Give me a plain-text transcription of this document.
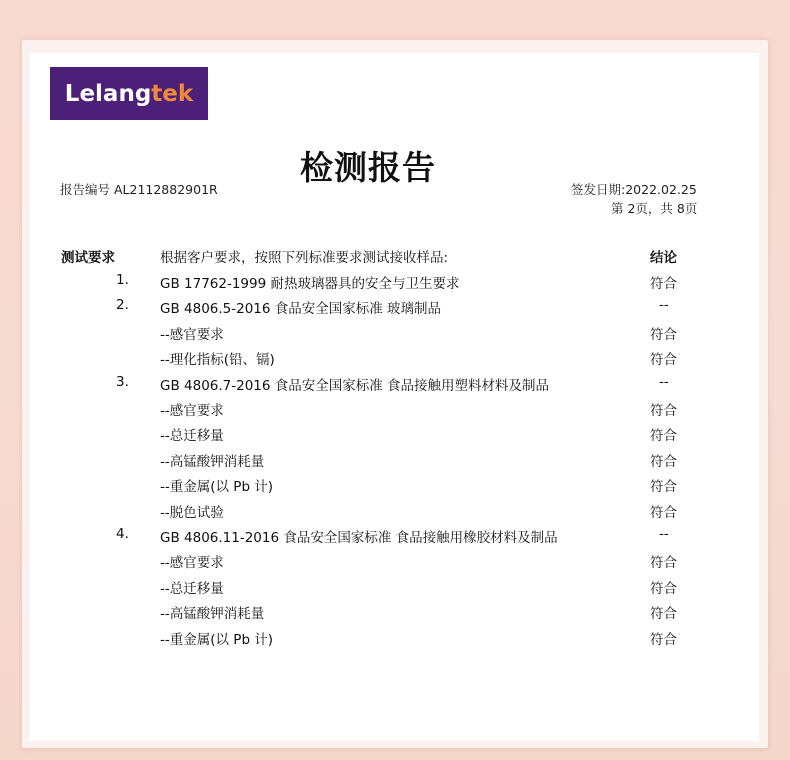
Lelang tek
检测报告
报告编号 AL2112882901R	签发日期:2022.02.25
第 2页，共 8页
测试要求	根据客户要求，按照下列标准要求测试接收样品:	结论
1. GB 17762-1999 耐热玻璃器具的安全与卫生要求	符合
2. GB 4806.5-2016 食品安全国家标准 玻璃制品	--
--感官要求	符合
--理化指标(铅、镉)	符合
3. GB 4806.7-2016 食品安全国家标准 食品接触用塑料材料及制品	--
--感官要求	符合
--总迁移量	符合
--高锰酸钾消耗量	符合
--重金属(以 Pb 计)	符合
--脱色试验	符合
4. GB 4806.11-2016 食品安全国家标准 食品接触用橡胶材料及制品	--
--感官要求	符合
--总迁移量	符合
--高锰酸钾消耗量	符合
--重金属(以 Pb 计)	符合
